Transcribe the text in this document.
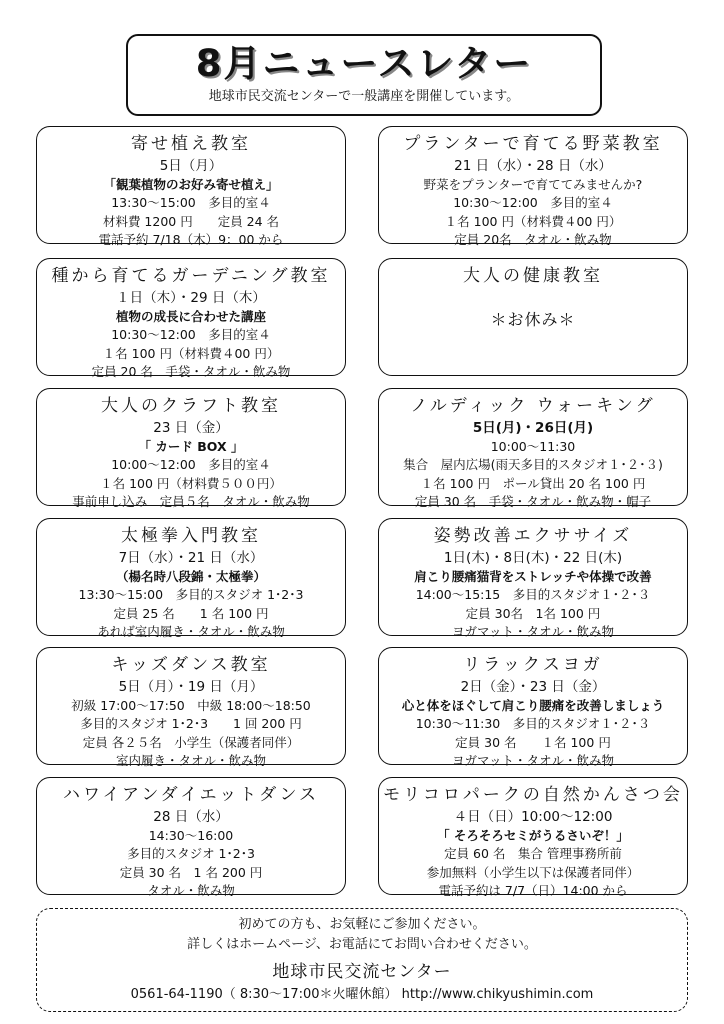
8月ニュースレター
地球市民交流センターで一般講座を開催しています。
寄せ植え教室
5日（月）
「観葉植物のお好み寄せ植え」
13:30〜15:00　多目的室４
材料費 1200 円　　定員 24 名
電話予約 7/18（木）9：00 から
プランターで育てる野菜教室
21 日（水）・28 日（水）
野菜をプランターで育ててみませんか?
10:30〜12:00　多目的室４
１名 100 円（材料費４00 円）
定員 20名　タオル・飲み物
種から育てるガーデニング教室
１日（木）・29 日（木）
植物の成長に合わせた講座
10:30〜12:00　多目的室４
１名 100 円（材料費４00 円）
定員 20 名　手袋・タオル・飲み物
大人の健康教室
＊お休み＊
大人のクラフト教室
23 日（金）
「 カード BOX 」
10:00〜12:00　多目的室４
１名 100 円（材料費５００円）
事前申し込み　定員５名　タオル・飲み物
ノルディック ウォーキング
5日(月)・26日(月)
10:00〜11:30
集合　屋内広場(雨天多目的スタジオ１･２･３)
１名 100 円　ポール貸出 20 名 100 円
定員 30 名　手袋・タオル・飲み物・帽子
太極拳入門教室
7日（水）・21 日（水）
（楊名時八段錦・太極拳）
13:30〜15:00　多目的スタジオ 1･2･3
定員 25 名　　1 名 100 円
あれば室内履き・タオル・飲み物
姿勢改善エクササイズ
1日(木)・8日(木)・22 日(木)
肩こり腰痛猫背をストレッチや体操で改善
14:00〜15:15　多目的スタジオ１･２･３
定員 30名　1名 100 円
ヨガマット・タオル・飲み物
キッズダンス教室
5日（月）・19 日（月）
初級 17:00〜17:50　中級 18:00〜18:50
多目的スタジオ 1･2･3　　1 回 200 円
定員 各２５名　小学生（保護者同伴）
室内履き・タオル・飲み物
リラックスヨガ
2日（金）・23 日（金）
心と体をほぐして肩こり腰痛を改善しましょう
10:30〜11:30　多目的スタジオ１･２･３
定員 30 名　　１名 100 円
ヨガマット・タオル・飲み物
ハワイアンダイエットダンス
28 日（水）
14:30〜16:00
多目的スタジオ 1･2･3
定員 30 名　1 名 200 円
タオル・飲み物
モリコロパークの自然かんさつ会
４日（日）10:00〜12:00
「 そろそろセミがうるさいぞ！」
定員 60 名　集合 管理事務所前
参加無料（小学生以下は保護者同伴）
電話予約は 7/7（日）14:00 から
初めての方も、お気軽にご参加ください。
詳しくはホームページ、お電話にてお問い合わせください。
地球市民交流センター
0561-64-1190（ 8:30〜17:00＊火曜休館） http://www.chikyushimin.com
